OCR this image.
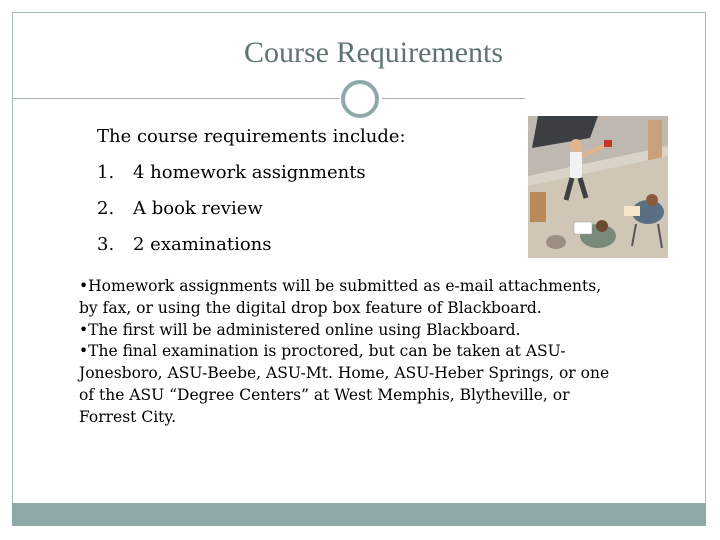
Course Requirements
The course requirements include:
1.	4 homework assignments
2.	A book review
3.	2 examinations

•Homework assignments will be submitted as e-mail attachments, by fax, or using the digital drop box feature of Blackboard.

•The first will be administered online using Blackboard.

•The final examination is proctored, but can be taken at ASU-Jonesboro, ASU-Beebe, ASU-Mt. Home, ASU-Heber Springs, or one of the ASU “Degree Centers” at West Memphis, Blytheville, or Forrest City.
